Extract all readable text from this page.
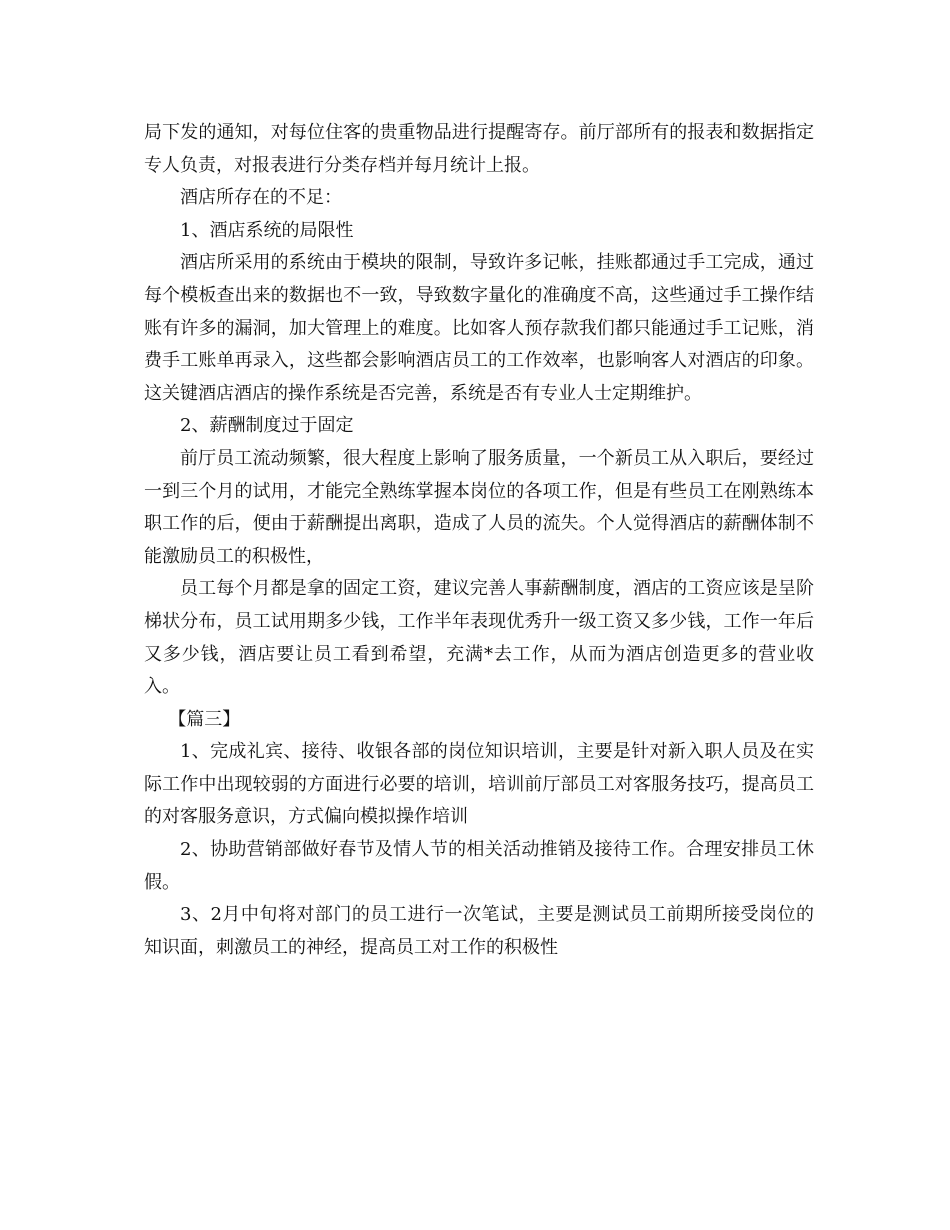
局下发的通知，对每位住客的贵重物品进行提醒寄存。前厅部所有的报表和数据指定专人负责，对报表进行分类存档并每月统计上报。

酒店所存在的不足：

1、酒店系统的局限性

酒店所采用的系统由于模块的限制，导致许多记帐，挂账都通过手工完成，通过每个模板查出来的数据也不一致，导致数字量化的准确度不高，这些通过手工操作结账有许多的漏洞，加大管理上的难度。比如客人预存款我们都只能通过手工记账，消费手工账单再录入，这些都会影响酒店员工的工作效率，也影响客人对酒店的印象。这关键酒店酒店的操作系统是否完善，系统是否有专业人士定期维护。

2、薪酬制度过于固定

前厅员工流动频繁，很大程度上影响了服务质量，一个新员工从入职后，要经过一到三个月的试用，才能完全熟练掌握本岗位的各项工作，但是有些员工在刚熟练本职工作的后，便由于薪酬提出离职，造成了人员的流失。个人觉得酒店的薪酬体制不能激励员工的积极性，

员工每个月都是拿的固定工资，建议完善人事薪酬制度，酒店的工资应该是呈阶梯状分布，员工试用期多少钱，工作半年表现优秀升一级工资又多少钱，工作一年后又多少钱，酒店要让员工看到希望，充满*去工作，从而为酒店创造更多的营业收入。

【篇三】

1、完成礼宾、接待、收银各部的岗位知识培训，主要是针对新入职人员及在实际工作中出现较弱的方面进行必要的培训，培训前厅部员工对客服务技巧，提高员工的对客服务意识，方式偏向模拟操作培训

2、协助营销部做好春节及情人节的相关活动推销及接待工作。合理安排员工休假。

3、2月中旬将对部门的员工进行一次笔试，主要是测试员工前期所接受岗位的知识面，刺激员工的神经，提高员工对工作的积极性
